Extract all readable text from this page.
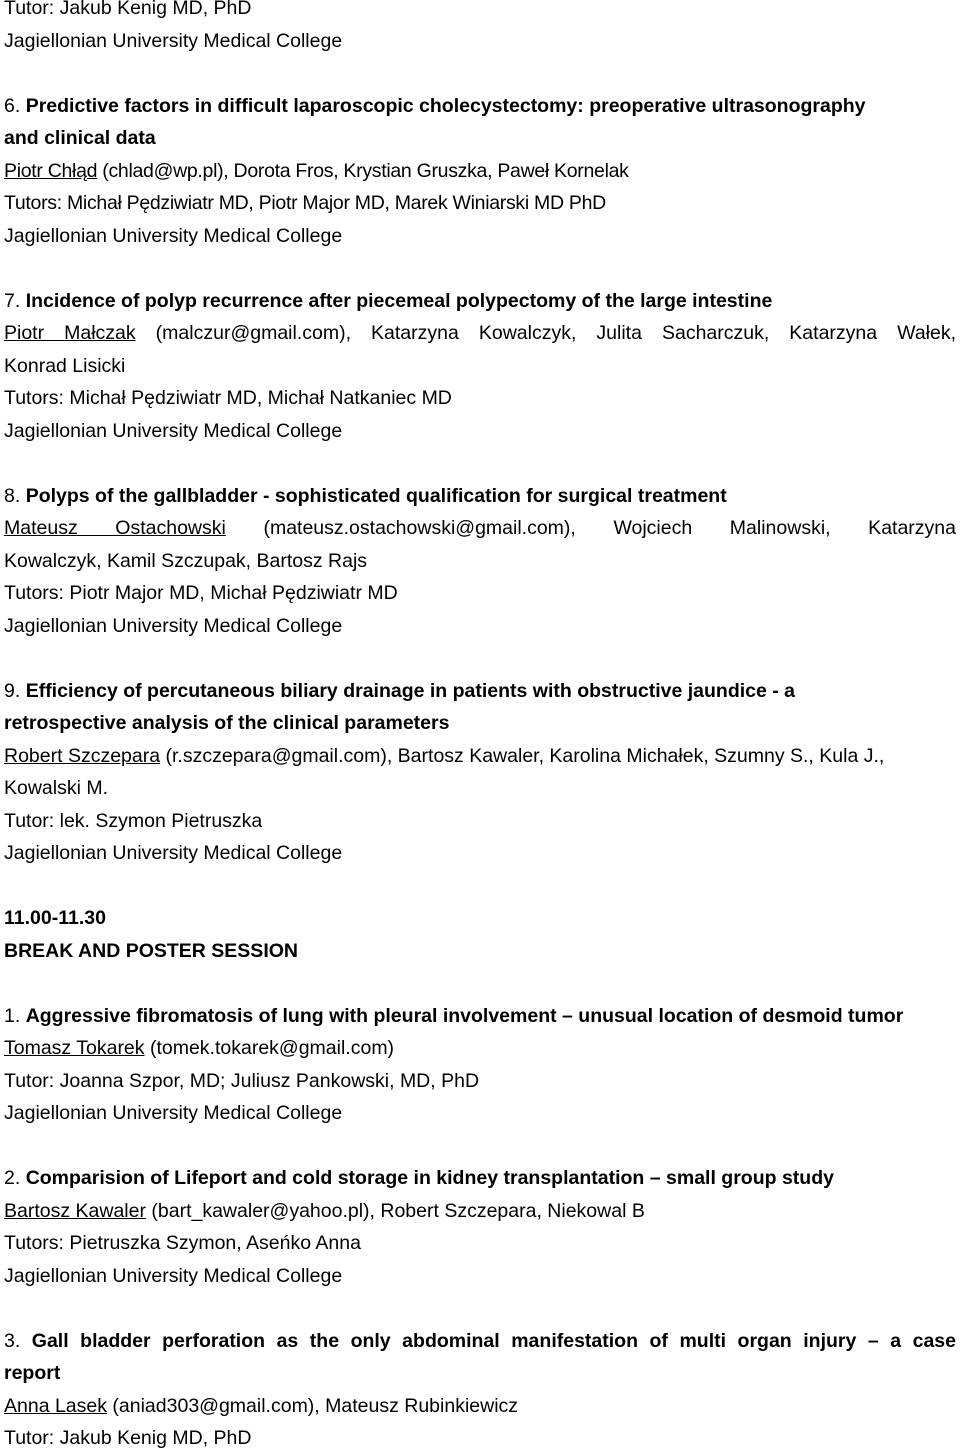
Tutor: Jakub Kenig MD, PhD
Jagiellonian University Medical College
6. Predictive factors in difficult laparoscopic cholecystectomy: preoperative ultrasonography
and clinical data
Piotr Chłąd (chlad@wp.pl), Dorota Fros, Krystian Gruszka, Paweł Kornelak
Tutors: Michał Pędziwiatr MD, Piotr Major MD, Marek Winiarski MD PhD
Jagiellonian University Medical College
7. Incidence of polyp recurrence after piecemeal polypectomy of the large intestine
Piotr Małczak (malczur@gmail.com), Katarzyna Kowalczyk, Julita Sacharczuk, Katarzyna Wałek,
Konrad Lisicki
Tutors: Michał Pędziwiatr MD, Michał Natkaniec MD
Jagiellonian University Medical College
8. Polyps of the gallbladder - sophisticated qualification for surgical treatment
Mateusz Ostachowski (mateusz.ostachowski@gmail.com), Wojciech Malinowski, Katarzyna
Kowalczyk, Kamil Szczupak, Bartosz Rajs
Tutors: Piotr Major MD, Michał Pędziwiatr MD
Jagiellonian University Medical College
9. Efficiency of percutaneous biliary drainage in patients with obstructive jaundice - a
retrospective analysis of the clinical parameters
Robert Szczepara (r.szczepara@gmail.com), Bartosz Kawaler, Karolina Michałek, Szumny S., Kula J.,
Kowalski M.
Tutor: lek. Szymon Pietruszka
Jagiellonian University Medical College
11.00-11.30
BREAK AND POSTER SESSION
1. Aggressive fibromatosis of lung with pleural involvement – unusual location of desmoid tumor
Tomasz Tokarek (tomek.tokarek@gmail.com)
Tutor: Joanna Szpor, MD; Juliusz Pankowski, MD, PhD
Jagiellonian University Medical College
2. Comparision of Lifeport and cold storage in kidney transplantation – small group study
Bartosz Kawaler (bart_kawaler@yahoo.pl), Robert Szczepara, Niekowal B
Tutors: Pietruszka Szymon, Aseńko Anna
Jagiellonian University Medical College
3. Gall bladder perforation as the only abdominal manifestation of multi organ injury – a case
report
Anna Lasek (aniad303@gmail.com), Mateusz Rubinkiewicz
Tutor: Jakub Kenig MD, PhD
